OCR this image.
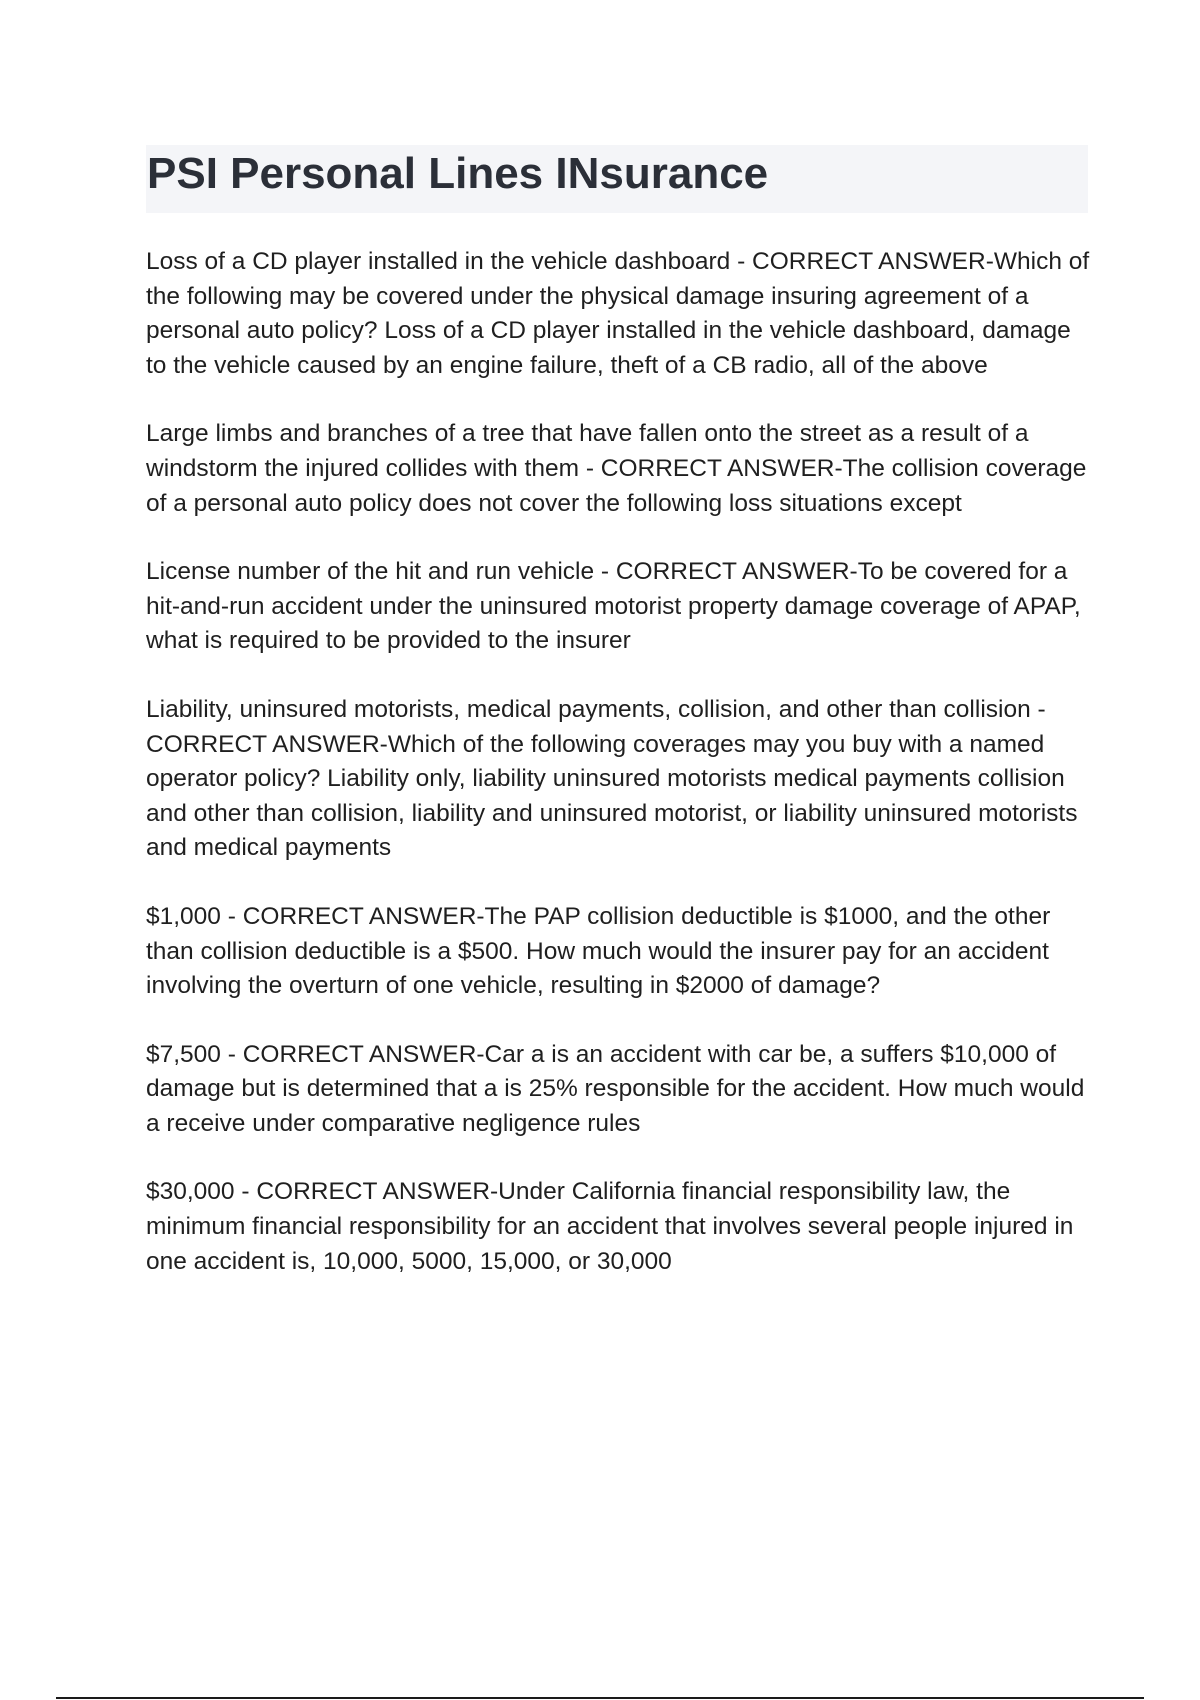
PSI Personal Lines INsurance

Loss of a CD player installed in the vehicle dashboard - CORRECT ANSWER-Which of the following may be covered under the physical damage insuring agreement of a personal auto policy? Loss of a CD player installed in the vehicle dashboard, damage to the vehicle caused by an engine failure, theft of a CB radio, all of the above

Large limbs and branches of a tree that have fallen onto the street as a result of a windstorm the injured collides with them - CORRECT ANSWER-The collision coverage of a personal auto policy does not cover the following loss situations except

License number of the hit and run vehicle - CORRECT ANSWER-To be covered for a hit-and-run accident under the uninsured motorist property damage coverage of APAP, what is required to be provided to the insurer

Liability, uninsured motorists, medical payments, collision, and other than collision - CORRECT ANSWER-Which of the following coverages may you buy with a named operator policy? Liability only, liability uninsured motorists medical payments collision and other than collision, liability and uninsured motorist, or liability uninsured motorists and medical payments

$1,000 - CORRECT ANSWER-The PAP collision deductible is $1000, and the other than collision deductible is a $500. How much would the insurer pay for an accident involving the overturn of one vehicle, resulting in $2000 of damage?

$7,500 - CORRECT ANSWER-Car a is an accident with car be, a suffers $10,000 of damage but is determined that a is 25% responsible for the accident. How much would a receive under comparative negligence rules

$30,000 - CORRECT ANSWER-Under California financial responsibility law, the minimum financial responsibility for an accident that involves several people injured in one accident is, 10,000, 5000, 15,000, or 30,000
